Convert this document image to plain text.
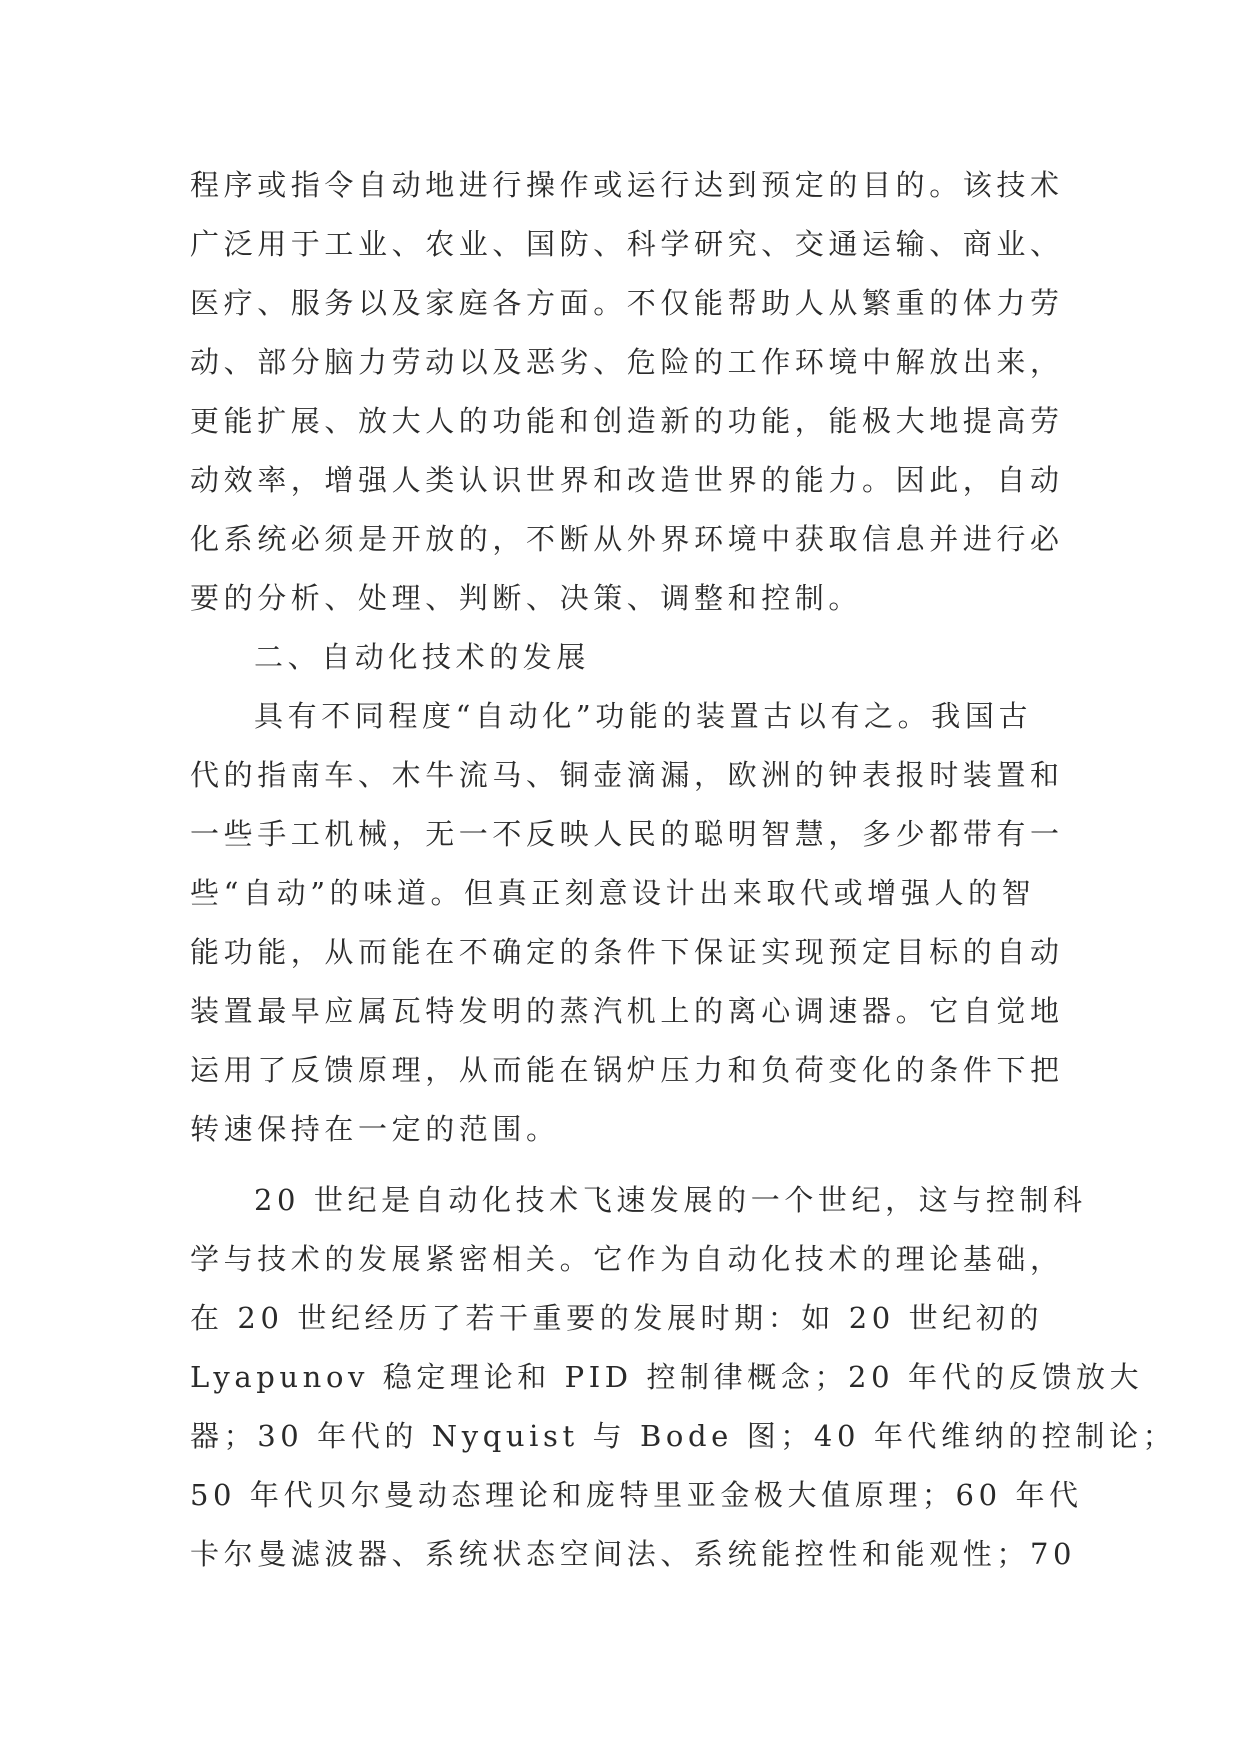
程序或指令自动地进行操作或运行达到预定的目的。该技术
广泛用于工业、农业、国防、科学研究、交通运输、商业、
医疗、服务以及家庭各方面。不仅能帮助人从繁重的体力劳
动、部分脑力劳动以及恶劣、危险的工作环境中解放出来，
更能扩展、放大人的功能和创造新的功能，能极大地提高劳
动效率，增强人类认识世界和改造世界的能力。因此，自动
化系统必须是开放的，不断从外界环境中获取信息并进行必
要的分析、处理、判断、决策、调整和控制。
二、自动化技术的发展
具有不同程度“自动化”功能的装置古以有之。我国古
代的指南车、木牛流马、铜壶滴漏，欧洲的钟表报时装置和
一些手工机械，无一不反映人民的聪明智慧，多少都带有一
些“自动”的味道。但真正刻意设计出来取代或增强人的智
能功能，从而能在不确定的条件下保证实现预定目标的自动
装置最早应属瓦特发明的蒸汽机上的离心调速器。它自觉地
运用了反馈原理，从而能在锅炉压力和负荷变化的条件下把
转速保持在一定的范围。
20 世纪是自动化技术飞速发展的一个世纪，这与控制科
学与技术的发展紧密相关。它作为自动化技术的理论基础，
在 20 世纪经历了若干重要的发展时期：如 20 世纪初的
Lyapunov 稳定理论和 PID 控制律概念；20 年代的反馈放大
器；30 年代的 Nyquist 与 Bode 图；40 年代维纳的控制论；
50 年代贝尔曼动态理论和庞特里亚金极大值原理；60 年代
卡尔曼滤波器、系统状态空间法、系统能控性和能观性；70
